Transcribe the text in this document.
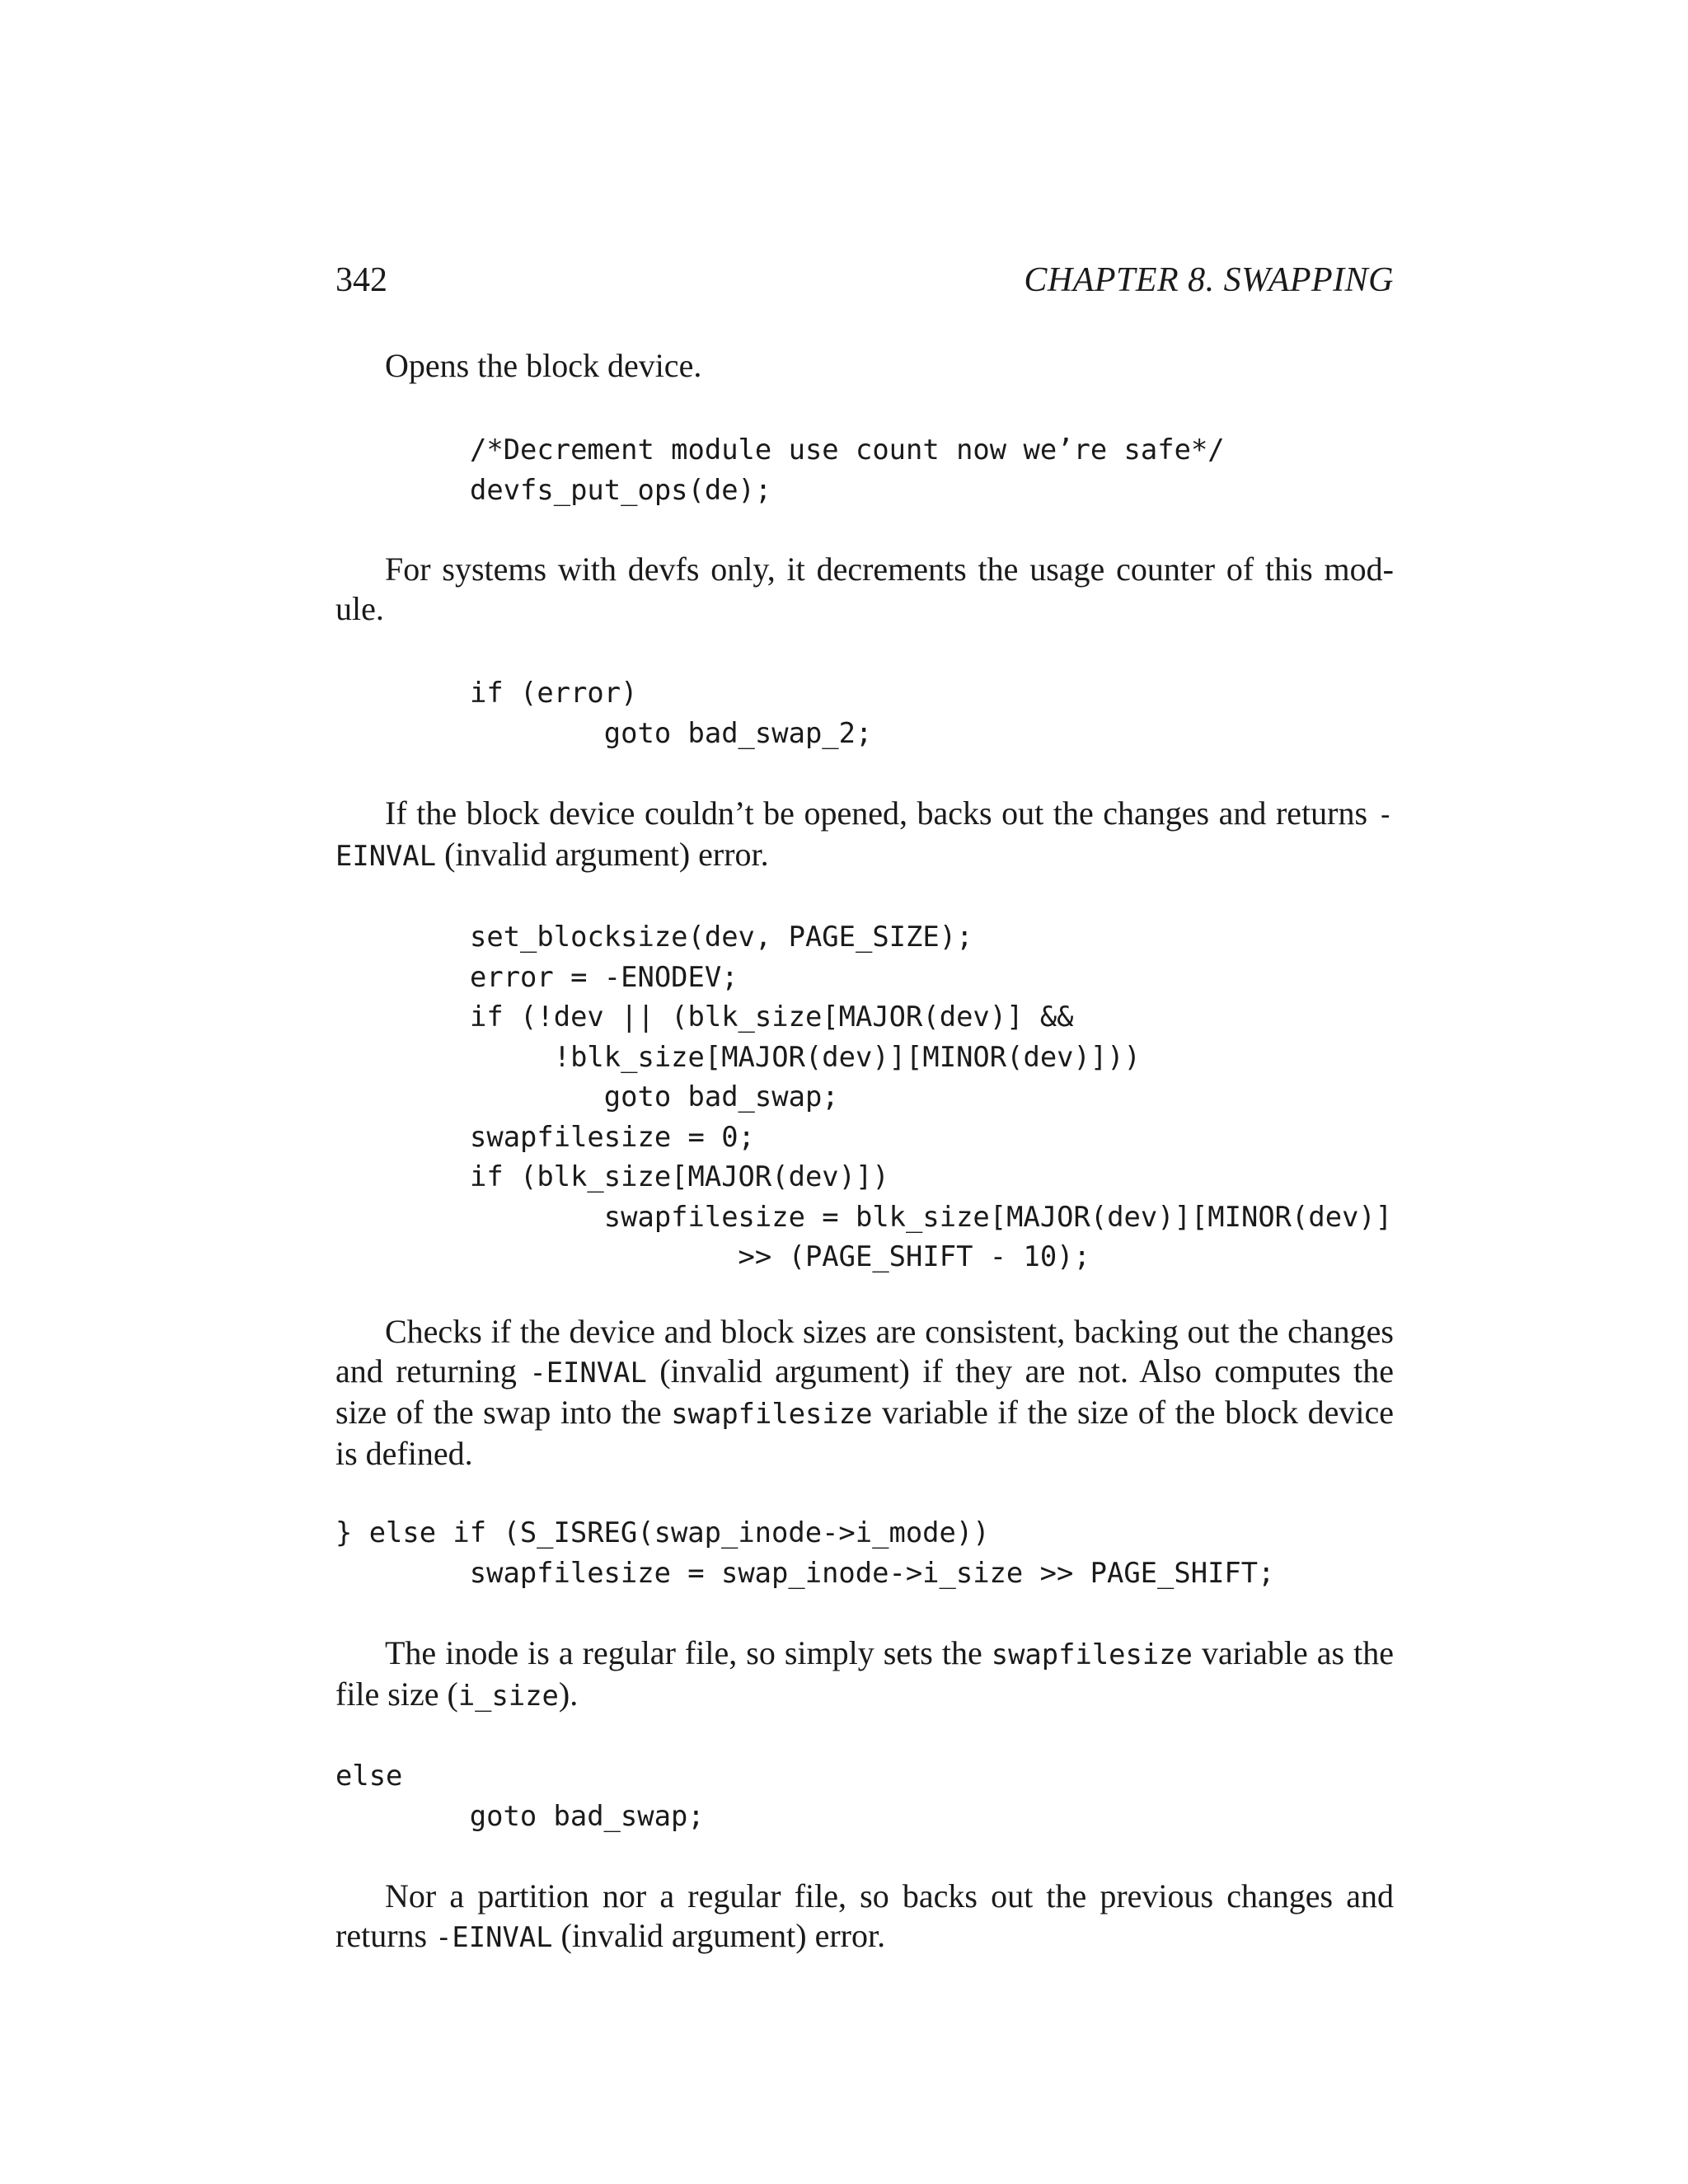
342	CHAPTER 8. SWAPPING

Opens the block device.

/*Decrement module use count now we’re safe*/
devfs_put_ops(de);

For systems with devfs only, it decrements the usage counter of this mod-ule.

if (error)
goto bad_swap_2;

If the block device couldn’t be opened, backs out the changes and returns -EINVAL (invalid argument) error.

set_blocksize(dev, PAGE_SIZE);
error = -ENODEV;
if (!dev || (blk_size[MAJOR(dev)] &&
!blk_size[MAJOR(dev)][MINOR(dev)]))
goto bad_swap;
swapfilesize = 0;
if (blk_size[MAJOR(dev)])
swapfilesize = blk_size[MAJOR(dev)][MINOR(dev)]
>> (PAGE_SHIFT - 10);

Checks if the device and block sizes are consistent, backing out the changes and returning -EINVAL (invalid argument) if they are not. Also computes the size of the swap into the swapfilesize variable if the size of the block device is defined.

} else if (S_ISREG(swap_inode->i_mode))
swapfilesize = swap_inode->i_size >> PAGE_SHIFT;

The inode is a regular file, so simply sets the swapfilesize variable as the file size (i_size).

else
goto bad_swap;

Nor a partition nor a regular file, so backs out the previous changes and returns -EINVAL (invalid argument) error.
